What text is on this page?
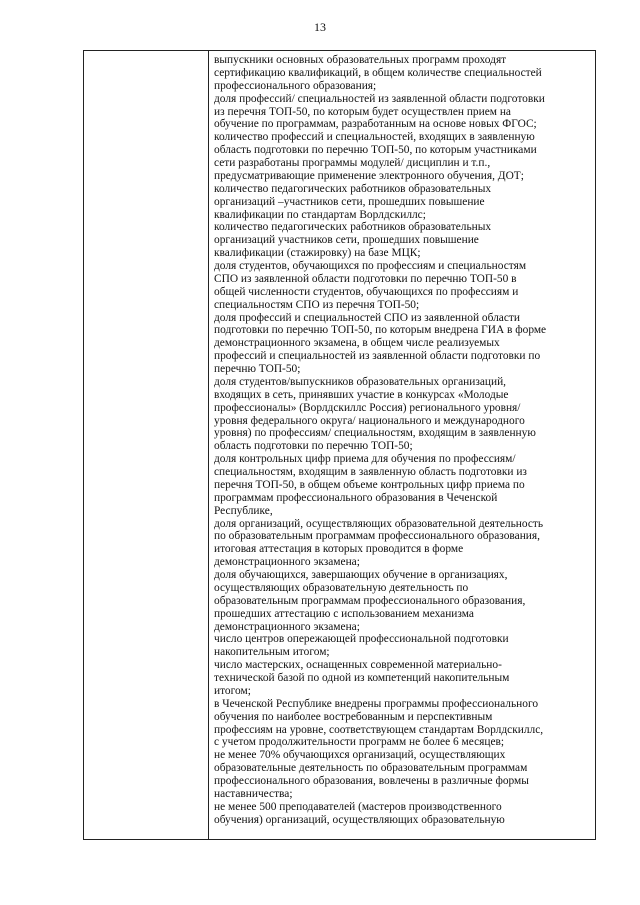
13
выпускники основных образовательных программ проходят
сертификацию квалификаций, в общем количестве специальностей
профессионального образования;
доля профессий/ специальностей из заявленной области подготовки
из перечня ТОП-50, по которым будет осуществлен прием на
обучение по программам, разработанным на основе новых ФГОС;
количество профессий и специальностей, входящих в заявленную
область подготовки по перечню ТОП-50, по которым участниками
сети разработаны программы модулей/ дисциплин и т.п.,
предусматривающие применение электронного обучения, ДОТ;
количество педагогических работников образовательных
организаций –участников сети, прошедших повышение
квалификации по стандартам Ворлдскиллс;
количество педагогических работников образовательных
организаций участников сети, прошедших повышение
квалификации (стажировку) на базе МЦК;
доля студентов, обучающихся по профессиям и специальностям
СПО из заявленной области подготовки по перечню ТОП-50 в
общей численности студентов, обучающихся по профессиям и
специальностям СПО из перечня ТОП-50;
доля профессий и специальностей СПО из заявленной области
подготовки по перечню ТОП-50, по которым внедрена ГИА в форме
демонстрационного экзамена, в общем числе реализуемых
профессий и специальностей из заявленной области подготовки по
перечню ТОП-50;
доля студентов/выпускников образовательных организаций,
входящих в сеть, принявших участие в конкурсах «Молодые
профессионалы» (Ворлдскиллс Россия) регионального уровня/
уровня федерального округа/ национального и международного
уровня) по профессиям/ специальностям, входящим в заявленную
область подготовки по перечню ТОП-50;
доля контрольных цифр приема для обучения по профессиям/
специальностям, входящим в заявленную область подготовки из
перечня ТОП-50, в общем объеме контрольных цифр приема по
программам профессионального образования в Чеченской
Республике,
доля организаций, осуществляющих образовательной деятельность
по образовательным программам профессионального образования,
итоговая аттестация в которых проводится в форме
демонстрационного экзамена;
доля обучающихся, завершающих обучение в организациях,
осуществляющих образовательную деятельность по
образовательным программам профессионального образования,
прошедших аттестацию с использованием механизма
демонстрационного экзамена;
число центров опережающей профессиональной подготовки
накопительным итогом;
число мастерских, оснащенных современной материально-
технической базой по одной из компетенций накопительным
итогом;
в Чеченской Республике внедрены программы профессионального
обучения по наиболее востребованным и перспективным
профессиям на уровне, соответствующем стандартам Ворлдскиллс,
с учетом продолжительности программ не более 6 месяцев;
не менее 70% обучающихся организаций, осуществляющих
образовательные деятельность по образовательным программам
профессионального образования, вовлечены в различные формы
наставничества;
не менее 500 преподавателей (мастеров производственного
обучения) организаций, осуществляющих образовательную
